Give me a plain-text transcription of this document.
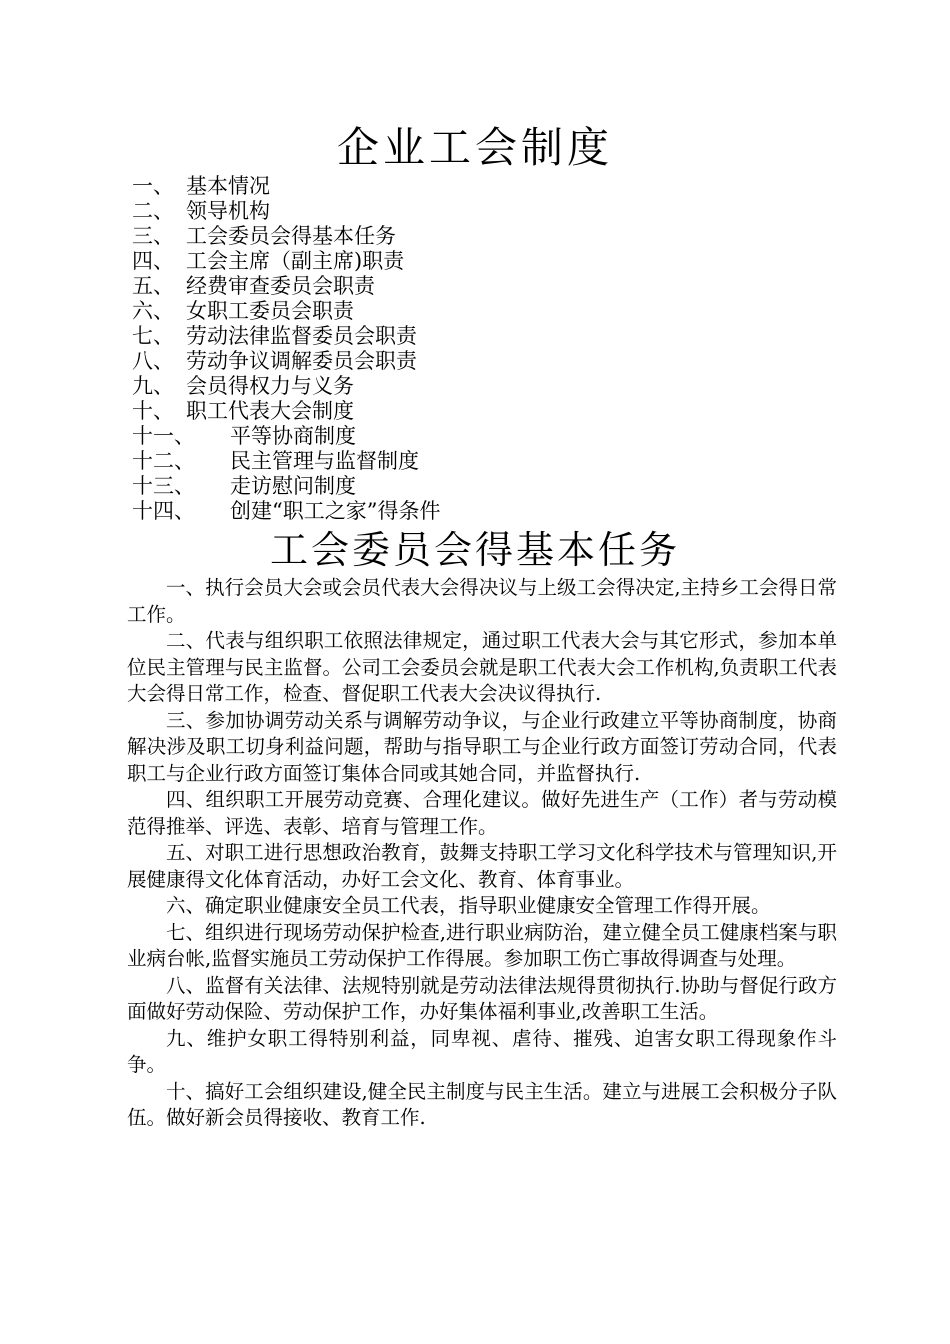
企业工会制度
一、 基本情况
二、 领导机构
三、 工会委员会得基本任务
四、 工会主席（副主席)职责
五、 经费审查委员会职责
六、 女职工委员会职责
七、 劳动法律监督委员会职责
八、 劳动争议调解委员会职责
九、 会员得权力与义务
十、 职工代表大会制度
十一、 平等协商制度
十二、 民主管理与监督制度
十三、 走访慰问制度
十四、 创建“职工之家”得条件
工会委员会得基本任务

一、执行会员大会或会员代表大会得决议与上级工会得决定,主持乡工会得日常工作。

二、代表与组织职工依照法律规定，通过职工代表大会与其它形式，参加本单位民主管理与民主监督。公司工会委员会就是职工代表大会工作机构,负责职工代表大会得日常工作，检查、督促职工代表大会决议得执行.

三、参加协调劳动关系与调解劳动争议，与企业行政建立平等协商制度，协商解决涉及职工切身利益问题，帮助与指导职工与企业行政方面签订劳动合同，代表职工与企业行政方面签订集体合同或其她合同，并监督执行.

四、组织职工开展劳动竞赛、合理化建议。做好先进生产（工作）者与劳动模范得推举、评选、表彰、培育与管理工作。

五、对职工进行思想政治教育，鼓舞支持职工学习文化科学技术与管理知识,开展健康得文化体育活动，办好工会文化、教育、体育事业。

六、确定职业健康安全员工代表，指导职业健康安全管理工作得开展。

七、组织进行现场劳动保护检查,进行职业病防治，建立健全员工健康档案与职业病台帐,监督实施员工劳动保护工作得展。参加职工伤亡事故得调查与处理。

八、监督有关法律、法规特别就是劳动法律法规得贯彻执行.协助与督促行政方面做好劳动保险、劳动保护工作，办好集体福利事业,改善职工生活。

九、维护女职工得特别利益，同卑视、虐待、摧残、迫害女职工得现象作斗争。

十、搞好工会组织建设,健全民主制度与民主生活。建立与进展工会积极分子队伍。做好新会员得接收、教育工作.
